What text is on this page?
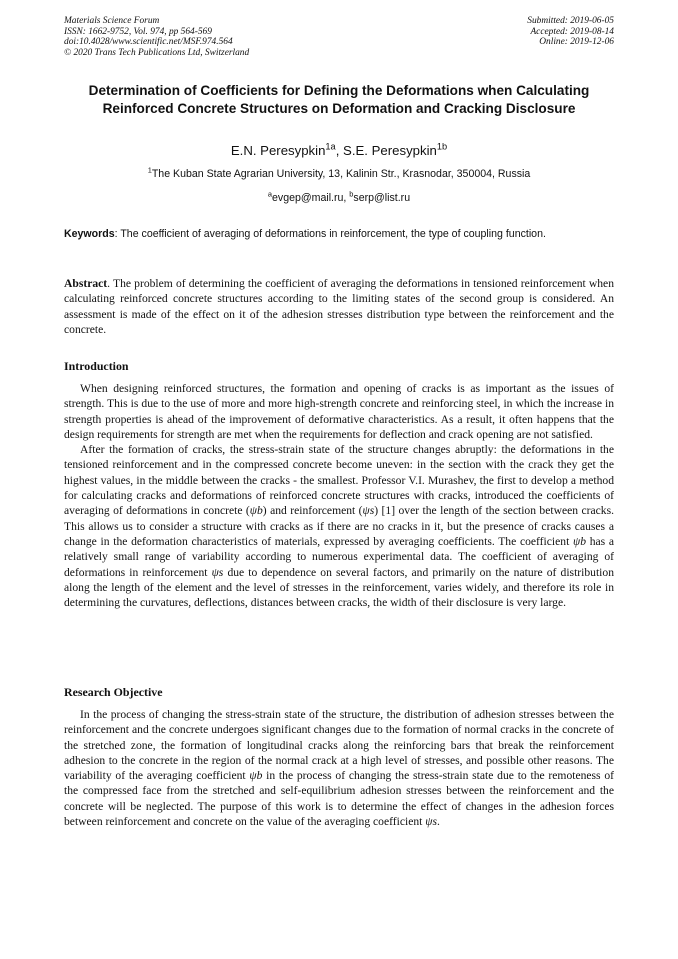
Materials Science Forum
ISSN: 1662-9752, Vol. 974, pp 564-569
doi:10.4028/www.scientific.net/MSF.974.564
© 2020 Trans Tech Publications Ltd, Switzerland
Submitted: 2019-06-05
Accepted: 2019-08-14
Online: 2019-12-06
Determination of Coefficients for Defining the Deformations when Calculating Reinforced Concrete Structures on Deformation and Cracking Disclosure
E.N. Peresypkin$^{1a}$, S.E. Peresypkin$^{1b}$
$^1$The Kuban State Agrarian University, 13, Kalinin Str., Krasnodar, 350004, Russia
$^a$evgep@mail.ru, $^b$serp@list.ru
Keywords: The coefficient of averaging of deformations in reinforcement, the type of coupling function.
Abstract. The problem of determining the coefficient of averaging the deformations in tensioned reinforcement when calculating reinforced concrete structures according to the limiting states of the second group is considered. An assessment is made of the effect on it of the adhesion stresses distribution type between the reinforcement and the concrete.
Introduction

When designing reinforced structures, the formation and opening of cracks is as important as the issues of strength. This is due to the use of more and more high-strength concrete and reinforcing steel, in which the increase in strength properties is ahead of the improvement of deformative characteristics. As a result, it often happens that the design requirements for strength are met when the requirements for deflection and crack opening are not satisfied.

After the formation of cracks, the stress-strain state of the structure changes abruptly: the deformations in the tensioned reinforcement and in the compressed concrete become uneven: in the section with the crack they get the highest values, in the middle between the cracks - the smallest. Professor V.I. Murashev, the first to develop a method for calculating cracks and deformations of reinforced concrete structures with cracks, introduced the coefficients of averaging of deformations in concrete (ψb) and reinforcement (ψs) [1] over the length of the section between cracks. This allows us to consider a structure with cracks as if there are no cracks in it, but the presence of cracks causes a change in the deformation characteristics of materials, expressed by averaging coefficients. The coefficient ψb has a relatively small range of variability according to numerous experimental data. The coefficient of averaging of deformations in reinforcement ψs due to dependence on several factors, and primarily on the nature of distribution along the length of the element and the level of stresses in the reinforcement, varies widely, and therefore its role in determining the curvatures, deflections, distances between cracks, the width of their disclosure is very large.

Research Objective

In the process of changing the stress-strain state of the structure, the distribution of adhesion stresses between the reinforcement and the concrete undergoes significant changes due to the formation of normal cracks in the concrete of the stretched zone, the formation of longitudinal cracks along the reinforcing bars that break the reinforcement adhesion to the concrete in the region of the normal crack at a high level of stresses, and possible other reasons. The variability of the averaging coefficient ψb in the process of changing the stress-strain state due to the remoteness of the compressed face from the stretched and self-equilibrium adhesion stresses between the reinforcement and the concrete will be neglected. The purpose of this work is to determine the effect of changes in the adhesion forces between reinforcement and concrete on the value of the averaging coefficient ψs.
